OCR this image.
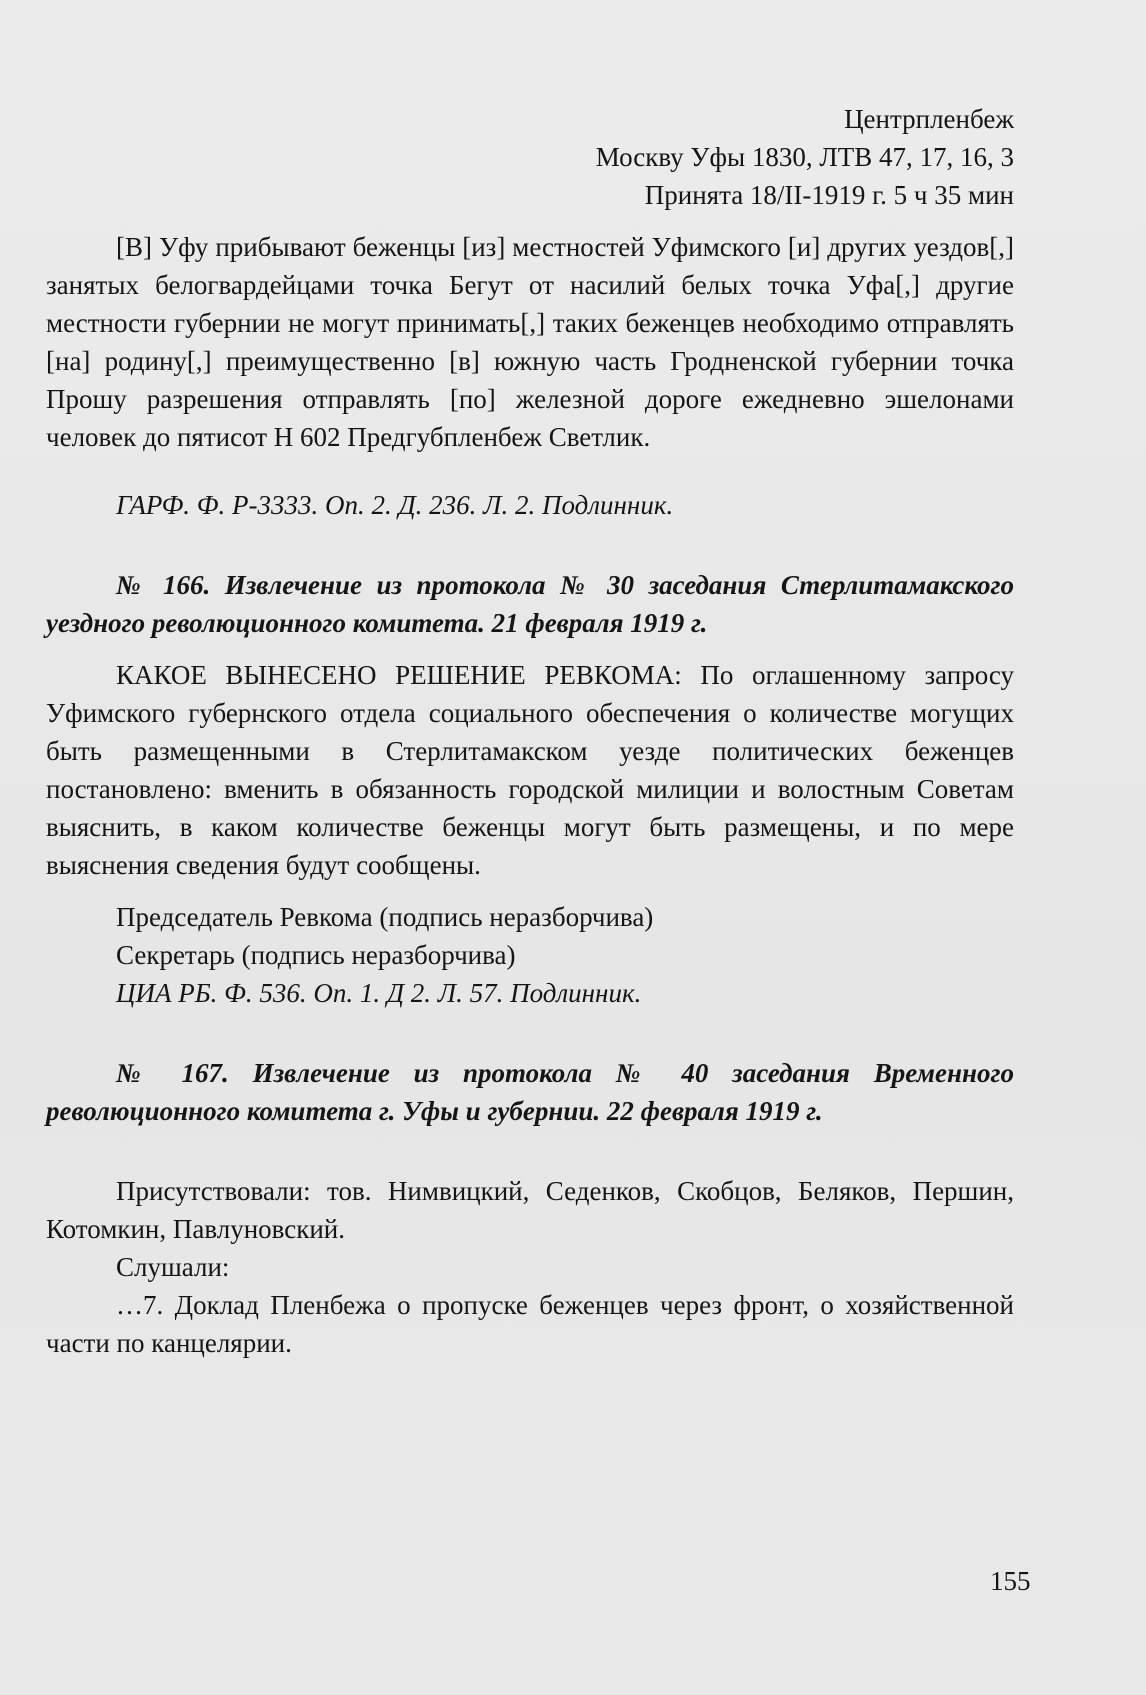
Центрпленбеж
Москву Уфы 1830, ЛТВ 47, 17, 16, 3
Принята 18/II-1919 г. 5 ч 35 мин

[В] Уфу прибывают беженцы [из] местностей Уфимского [и] других уездов[,] занятых белогвардейцами точка Бегут от насилий белых точка Уфа[,] другие местности губернии не могут принимать[,] таких беженцев необходимо отправлять [на] родину[,] преимущественно [в] южную часть Гродненской губернии точка Прошу разрешения отправлять [по] железной дороге ежедневно эшелонами человек до пятисот Н 602 Предгубпленбеж Светлик.

ГАРФ. Ф. Р-3333. Оп. 2. Д. 236. Л. 2. Подлинник.

№ 166. Извлечение из протокола № 30 заседания Стерлитамакского уездного революционного комитета. 21 февраля 1919 г.

КАКОЕ ВЫНЕСЕНО РЕШЕНИЕ РЕВКОМА: По оглашенному запросу Уфимского губернского отдела социального обеспечения о количестве могущих быть размещенными в Стерлитамакском уезде политических беженцев постановлено: вменить в обязанность городской милиции и волостным Советам выяснить, в каком количестве беженцы могут быть размещены, и по мере выяснения сведения будут сообщены.

Председатель Ревкома (подпись неразборчива)

Секретарь (подпись неразборчива)

ЦИА РБ. Ф. 536. Оп. 1. Д 2. Л. 57. Подлинник.

№ 167. Извлечение из протокола № 40 заседания Временного революционного комитета г. Уфы и губернии. 22 февраля 1919 г.

Присутствовали: тов. Нимвицкий, Седенков, Скобцов, Беляков, Першин, Котомкин, Павлуновский.

Слушали:

…7. Доклад Пленбежа о пропуске беженцев через фронт, о хозяйственной части по канцелярии.

155
